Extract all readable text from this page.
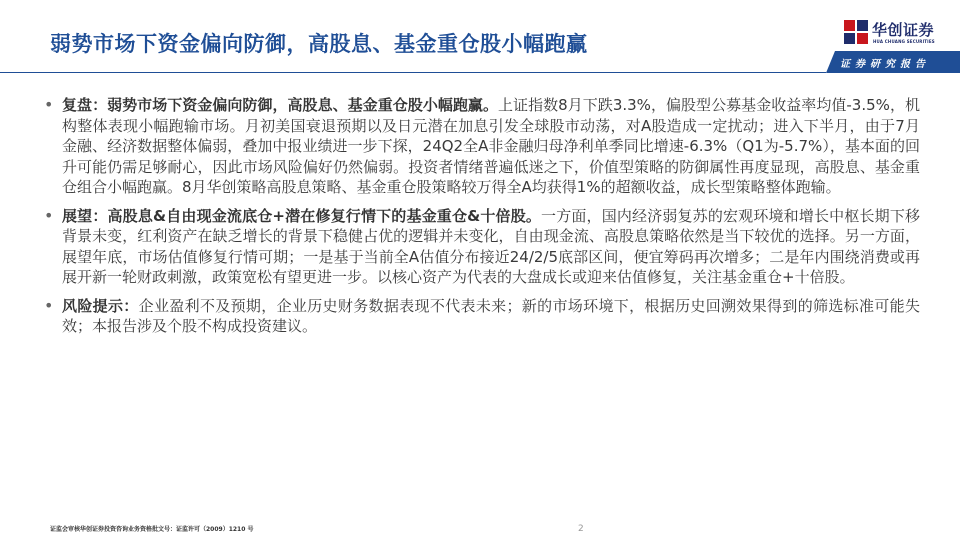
弱势市场下资金偏向防御，高股息、基金重仓股小幅跑赢
华创证券
HUA CHUANG SECURITIES
证券研究报告
• 复盘：弱势市场下资金偏向防御，高股息、基金重仓股小幅跑赢。上证指数8月下跌3.3%，偏股型公募基金收益率均值-3.5%，机构整体表现小幅跑输市场。月初美国衰退预期以及日元潜在加息引发全球股市动荡，对A股造成一定扰动；进入下半月，由于7月金融、经济数据整体偏弱，叠加中报业绩进一步下探，24Q2全A非金融归母净利单季同比增速-6.3%（Q1为-5.7%），基本面的回升可能仍需足够耐心，因此市场风险偏好仍然偏弱。投资者情绪普遍低迷之下，价值型策略的防御属性再度显现，高股息、基金重仓组合小幅跑赢。8月华创策略高股息策略、基金重仓股策略较万得全A均获得1%的超额收益，成长型策略整体跑输。
• 展望：高股息&自由现金流底仓+潜在修复行情下的基金重仓&十倍股。一方面，国内经济弱复苏的宏观环境和增长中枢长期下移背景未变，红利资产在缺乏增长的背景下稳健占优的逻辑并未变化，自由现金流、高股息策略依然是当下较优的选择。另一方面，展望年底，市场估值修复行情可期；一是基于当前全A估值分布接近24/2/5底部区间，便宜筹码再次增多；二是年内围绕消费或再展开新一轮财政刺激，政策宽松有望更进一步。以核心资产为代表的大盘成长或迎来估值修复，关注基金重仓+十倍股。
• 风险提示：企业盈利不及预期，企业历史财务数据表现不代表未来；新的市场环境下，根据历史回溯效果得到的筛选标准可能失效；本报告涉及个股不构成投资建议。
证监会审核华创证券投资咨询业务资格批文号：证监许可（2009）1210 号	2
